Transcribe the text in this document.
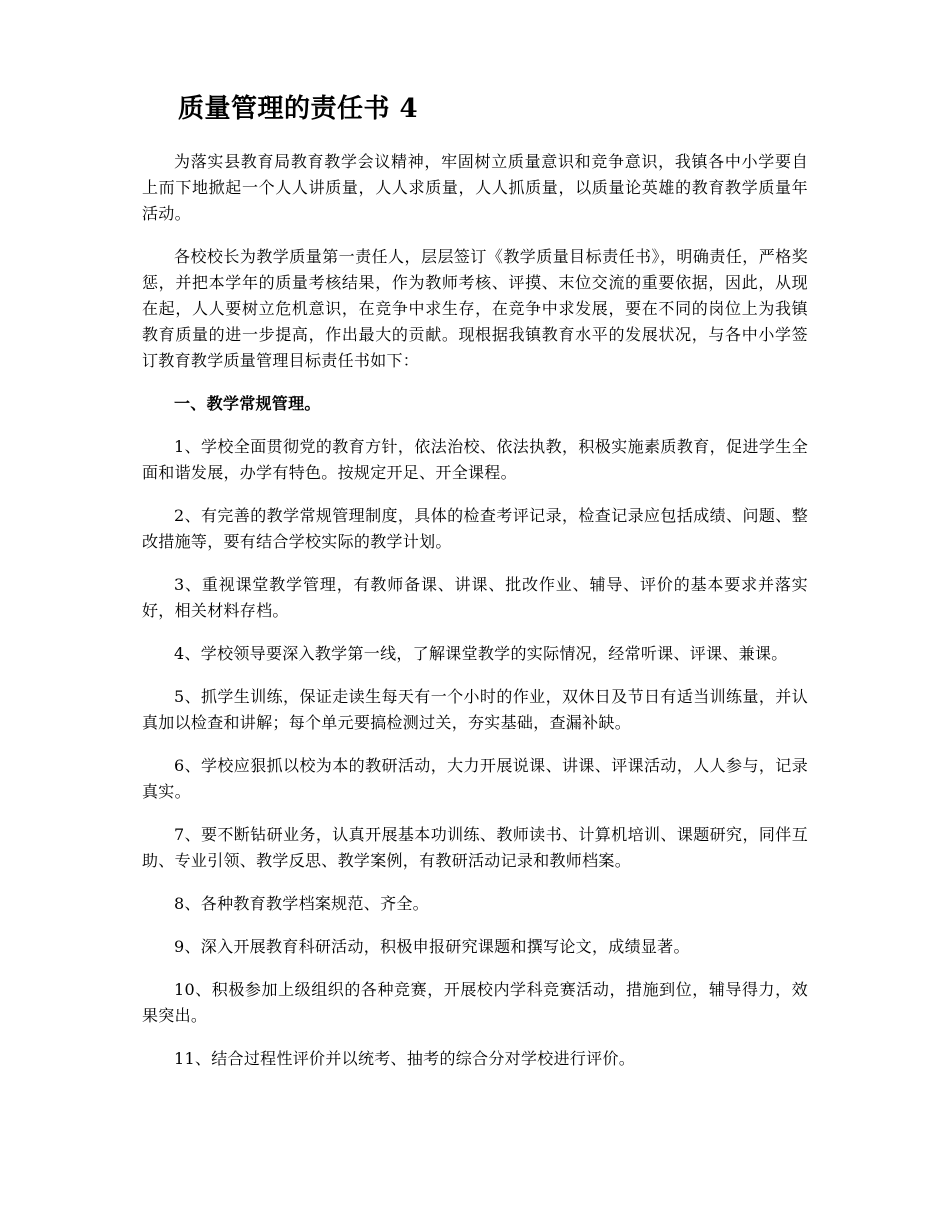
质量管理的责任书 4

为落实县教育局教育教学会议精神，牢固树立质量意识和竞争意识，我镇各中小学要自上而下地掀起一个人人讲质量，人人求质量，人人抓质量，以质量论英雄的教育教学质量年活动。

各校校长为教学质量第一责任人，层层签订《教学质量目标责任书》，明确责任，严格奖惩，并把本学年的质量考核结果，作为教师考核、评摸、末位交流的重要依据，因此，从现在起，人人要树立危机意识，在竞争中求生存，在竞争中求发展，要在不同的岗位上为我镇教育质量的进一步提高，作出最大的贡献。现根据我镇教育水平的发展状况，与各中小学签订教育教学质量管理目标责任书如下：

一、教学常规管理。

1、学校全面贯彻党的教育方针，依法治校、依法执教，积极实施素质教育，促进学生全面和谐发展，办学有特色。按规定开足、开全课程。

2、有完善的教学常规管理制度，具体的检查考评记录，检查记录应包括成绩、问题、整改措施等，要有结合学校实际的教学计划。

3、重视课堂教学管理，有教师备课、讲课、批改作业、辅导、评价的基本要求并落实好，相关材料存档。

4、学校领导要深入教学第一线，了解课堂教学的实际情况，经常听课、评课、兼课。

5、抓学生训练，保证走读生每天有一个小时的作业，双休日及节日有适当训练量，并认真加以检查和讲解；每个单元要搞检测过关，夯实基础，查漏补缺。

6、学校应狠抓以校为本的教研活动，大力开展说课、讲课、评课活动，人人参与，记录真实。

7、要不断钻研业务，认真开展基本功训练、教师读书、计算机培训、课题研究，同伴互助、专业引领、教学反思、教学案例，有教研活动记录和教师档案。

8、各种教育教学档案规范、齐全。

9、深入开展教育科研活动，积极申报研究课题和撰写论文，成绩显著。

10、积极参加上级组织的各种竞赛，开展校内学科竞赛活动，措施到位，辅导得力，效果突出。

11、结合过程性评价并以统考、抽考的综合分对学校进行评价。
